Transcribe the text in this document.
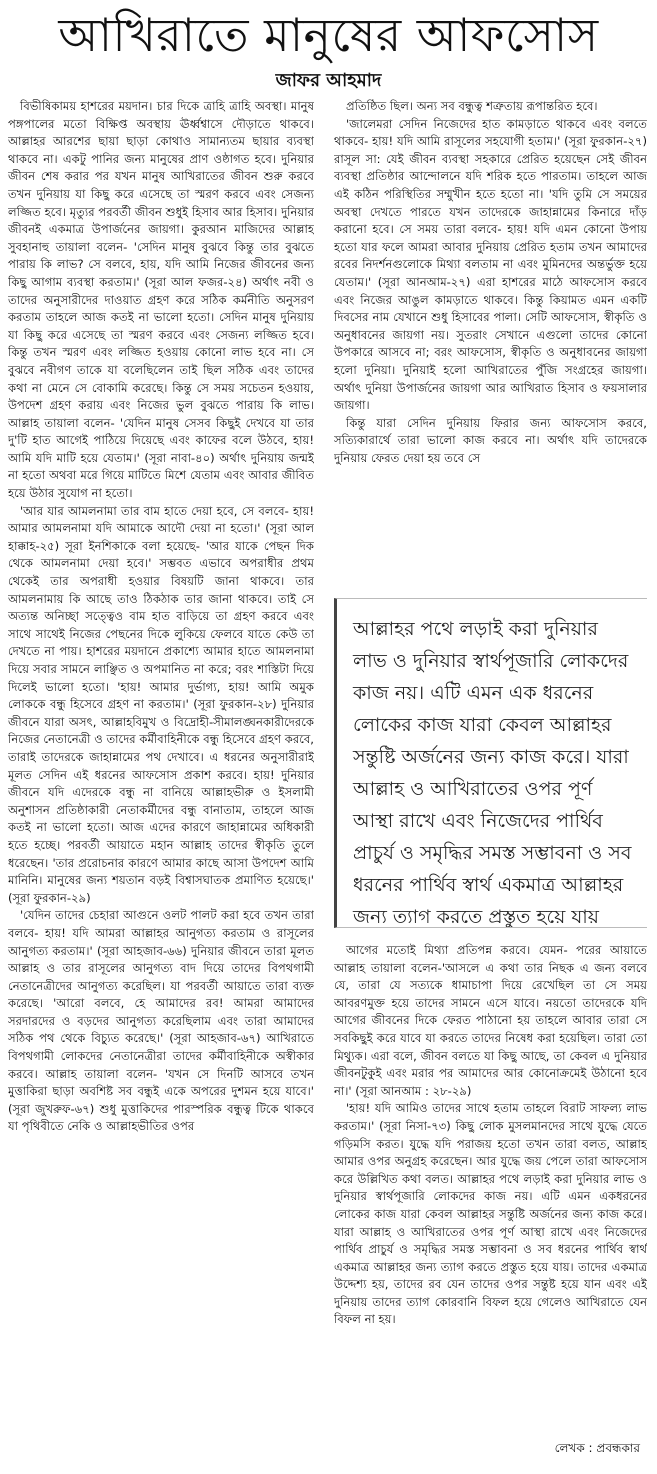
আখিরাতে মানুষের আফসোস
জাফর আহমাদ

বিভীষিকাময় হাশরের ময়দান। চার দিকে ত্রাহি ত্রাহি অবস্থা। মানুষ পঙ্গপালের মতো বিক্ষিপ্ত অবস্থায় ঊর্ধ্বশ্বাসে দৌড়াতে থাকবে। আল্লাহর আরশের ছায়া ছাড়া কোথাও সামান্যতম ছায়ার ব্যবস্থা থাকবে না। একটু পানির জন্য মানুষের প্রাণ ওষ্ঠাগত হবে। দুনিয়ার জীবন শেষ করার পর যখন মানুষ আখিরাতের জীবন শুরু করবে তখন দুনিয়ায় যা কিছু করে এসেছে তা স্মরণ করবে এবং সেজন্য লজ্জিত হবে। মৃত্যুর পরবর্তী জীবন শুধুই হিসাব আর হিসাব। দুনিয়ার জীবনই একমাত্র উপার্জনের জায়গা। কুরআন মাজিদের আল্লাহ সুবহানাহু তায়ালা বলেন- 'সেদিন মানুষ বুঝবে কিন্তু তার বুঝতে পারায় কি লাভ? সে বলবে, হায়, যদি আমি নিজের জীবনের জন্য কিছু আগাম ব্যবস্থা করতাম।' (সূরা আল ফজর-২৪) অর্থাৎ নবী ও তাদের অনুসারীদের দাওয়াত গ্রহণ করে সঠিক কর্মনীতি অনুসরণ করতাম তাহলে আজ কতই না ভালো হতো। সেদিন মানুষ দুনিয়ায় যা কিছু করে এসেছে তা স্মরণ করবে এবং সেজন্য লজ্জিত হবে। কিন্তু তখন স্মরণ এবং লজ্জিত হওয়ায় কোনো লাভ হবে না। সে বুঝবে নবীগণ তাকে যা বলেছিলেন তাই ছিল সঠিক এবং তাদের কথা না মেনে সে বোকামি করেছে। কিন্তু সে সময় সচেতন হওয়ায়, উপদেশ গ্রহণ করায় এবং নিজের ভুল বুঝতে পারায় কি লাভ। আল্লাহ তায়ালা বলেন- 'যেদিন মানুষ সেসব কিছুই দেখবে যা তার দু'টি হাত আগেই পাঠিয়ে দিয়েছে এবং কাফের বলে উঠবে, হায়! আমি যদি মাটি হয়ে যেতাম।' (সূরা নাবা-৪০) অর্থাৎ দুনিয়ায় জন্মই না হতো অথবা মরে গিয়ে মাটিতে মিশে যেতাম এবং আবার জীবিত হয়ে উঠার সুযোগ না হতো।

'আর যার আমলনামা তার বাম হাতে দেয়া হবে, সে বলবে- হায়! আমার আমলনামা যদি আমাকে আদৌ দেয়া না হতো।' (সূরা আল হাক্কাহ-২৫) সূরা ইনশিকাকে বলা হয়েছে- 'আর যাকে পেছন দিক থেকে আমলনামা দেয়া হবে।' সম্ভবত এভাবে অপরাধীর প্রথম থেকেই তার অপরাধী হওয়ার বিষয়টি জানা থাকবে। তার আমলনামায় কি আছে তাও ঠিকঠাক তার জানা থাকবে। তাই সে অত্যন্ত অনিচ্ছা সত্ত্বেও বাম হাত বাড়িয়ে তা গ্রহণ করবে এবং সাথে সাথেই নিজের পেছনের দিকে লুকিয়ে ফেলবে যাতে কেউ তা দেখতে না পায়। হাশরের ময়দানে প্রকাশ্যে আমার হাতে আমলনামা দিয়ে সবার সামনে লাঞ্ছিত ও অপমানিত না করে; বরং শাস্তিটা দিয়ে দিলেই ভালো হতো। 'হায়! আমার দুর্ভাগ্য, হায়! আমি অমুক লোককে বন্ধু হিসেবে গ্রহণ না করতাম।' (সূরা ফুরকান-২৮) দুনিয়ার জীবনে যারা অসৎ, আল্লাহবিমুখ ও বিদ্রোহী-সীমালঙ্ঘনকারীদেরকে নিজের নেতানেত্রী ও তাদের কর্মীবাহিনীকে বন্ধু হিসেবে গ্রহণ করবে, তারাই তাদেরকে জাহান্নামের পথ দেখাবে। এ ধরনের অনুসারীরাই মূলত সেদিন এই ধরনের আফসোস প্রকাশ করবে। হায়! দুনিয়ার জীবনে যদি এদেরকে বন্ধু না বানিয়ে আল্লাহভীরু ও ইসলামী অনুশাসন প্রতিষ্ঠাকারী নেতাকর্মীদের বন্ধু বানাতাম, তাহলে আজ কতই না ভালো হতো। আজ এদের কারণে জাহান্নামের অধিকারী হতে হচ্ছে। পরবর্তী আয়াতে মহান আল্লাহ তাদের স্বীকৃতি তুলে ধরেছেন। 'তার প্ররোচনার কারণে আমার কাছে আসা উপদেশ আমি মানিনি। মানুষের জন্য শয়তান বড়ই বিশ্বাসঘাতক প্রমাণিত হয়েছে।' (সূরা ফুরকান-২৯)

'যেদিন তাদের চেহারা আগুনে ওলট পালট করা হবে তখন তারা বলবে- হায়! যদি আমরা আল্লাহর আনুগত্য করতাম ও রাসূলের আনুগত্য করতাম।' (সূরা আহজাব-৬৬) দুনিয়ার জীবনে তারা মূলত আল্লাহ ও তার রাসূলের আনুগত্য বাদ দিয়ে তাদের বিপথগামী নেতানেত্রীদের আনুগত্য করেছিল। যা পরবর্তী আয়াতে তারা ব্যক্ত করেছে। 'আরো বলবে, হে আমাদের রব! আমরা আমাদের সরদারদের ও বড়দের আনুগত্য করেছিলাম এবং তারা আমাদের সঠিক পথ থেকে বিচ্যুত করেছে।' (সূরা আহজাব-৬৭) আখিরাতে বিপথগামী লোকদের নেতানেত্রীরা তাদের কর্মীবাহিনীকে অস্বীকার করবে। আল্লাহ তায়ালা বলেন- 'যখন সে দিনটি আসবে তখন মুত্তাকিরা ছাড়া অবশিষ্ট সব বন্ধুই একে অপরের দুশমন হয়ে যাবে।' (সূরা জুখরুফ-৬৭) শুধু মুত্তাকিদের পারস্পরিক বন্ধুত্ব টিকে থাকবে যা পৃথিবীতে নেকি ও আল্লাহভীতির ওপর

প্রতিষ্ঠিত ছিল। অন্য সব বন্ধুত্ব শত্রুতায় রূপান্তরিত হবে।

'জালেমরা সেদিন নিজেদের হাত কামড়াতে থাকবে এবং বলতে থাকবে- হায়! যদি আমি রাসূলের সহযোগী হতাম।' (সূরা ফুরকান-২৭) রাসূল সা: যেই জীবন ব্যবস্থা সহকারে প্রেরিত হয়েছেন সেই জীবন ব্যবস্থা প্রতিষ্ঠার আন্দোলনে যদি শরিক হতে পারতাম। তাহলে আজ এই কঠিন পরিস্থিতির সম্মুখীন হতে হতো না। 'যদি তুমি সে সময়ের অবস্থা দেখতে পারতে যখন তাদেরকে জাহান্নামের কিনারে দাঁড় করানো হবে। সে সময় তারা বলবে- হায়! যদি এমন কোনো উপায় হতো যার ফলে আমরা আবার দুনিয়ায় প্রেরিত হতাম তখন আমাদের রবের নিদর্শনগুলোকে মিথ্যা বলতাম না এবং মুমিনদের অন্তর্ভুক্ত হয়ে যেতাম।' (সূরা আনআম-২৭) এরা হাশরের মাঠে আফসোস করবে এবং নিজের আঙুল কামড়াতে থাকবে। কিন্তু কিয়ামত এমন একটি দিবসের নাম যেখানে শুধু হিসাবের পালা। সেটি আফসোস, স্বীকৃতি ও অনুধাবনের জায়গা নয়। সুতরাং সেখানে এগুলো তাদের কোনো উপকারে আসবে না; বরং আফসোস, স্বীকৃতি ও অনুধাবনের জায়গা হলো দুনিয়া। দুনিয়াই হলো আখিরাতের পুঁজি সংগ্রহের জায়গা। অর্থাৎ দুনিয়া উপার্জনের জায়গা আর আখিরাত হিসাব ও ফয়সালার জায়গা।

কিন্তু যারা সেদিন দুনিয়ায় ফিরার জন্য আফসোস করবে, সত্যিকারার্থে তারা ভালো কাজ করবে না। অর্থাৎ যদি তাদেরকে দুনিয়ায় ফেরত দেয়া হয় তবে সে

আল্লাহর পথে লড়াই করা দুনিয়ার লাভ ও দুনিয়ার স্বার্থপূজারি লোকদের কাজ নয়। এটি এমন এক ধরনের লোকের কাজ যারা কেবল আল্লাহর সন্তুষ্টি অর্জনের জন্য কাজ করে। যারা আল্লাহ ও আখিরাতের ওপর পূর্ণ আস্থা রাখে এবং নিজেদের পার্থিব প্রাচুর্য ও সমৃদ্ধির সমস্ত সম্ভাবনা ও সব ধরনের পার্থিব স্বার্থ একমাত্র আল্লাহর জন্য ত্যাগ করতে প্রস্তুত হয়ে যায়

আগের মতোই মিথ্যা প্রতিপন্ন করবে। যেমন- পরের আয়াতে আল্লাহ তায়ালা বলেন-'আসলে এ কথা তার নিছক এ জন্য বলবে যে, তারা যে সত্যকে ধামাচাপা দিয়ে রেখেছিল তা সে সময় আবরণমুক্ত হয়ে তাদের সামনে এসে যাবে। নয়তো তাদেরকে যদি আগের জীবনের দিকে ফেরত পাঠানো হয় তাহলে আবার তারা সে সবকিছুই করে যাবে যা করতে তাদের নিষেধ করা হয়েছিল। তারা তো মিথ্যুক। এরা বলে, জীবন বলতে যা কিছু আছে, তা কেবল এ দুনিয়ার জীবনটুকুই এবং মরার পর আমাদের আর কোনোক্রমেই উঠানো হবে না।' (সূরা আনআম : ২৮-২৯)

'হায়! যদি আমিও তাদের সাথে হতাম তাহলে বিরাট সাফল্য লাভ করতাম।' (সূরা নিসা-৭৩) কিছু লোক মুসলমানদের সাথে যুদ্ধে যেতে গড়িমসি করত। যুদ্ধে যদি পরাজয় হতো তখন তারা বলত, আল্লাহ আমার ওপর অনুগ্রহ করেছেন। আর যুদ্ধে জয় পেলে তারা আফসোস করে উল্লিখিত কথা বলত। আল্লাহর পথে লড়াই করা দুনিয়ার লাভ ও দুনিয়ার স্বার্থপূজারি লোকদের কাজ নয়। এটি এমন একধরনের লোকের কাজ যারা কেবল আল্লাহর সন্তুষ্টি অর্জনের জন্য কাজ করে। যারা আল্লাহ ও আখিরাতের ওপর পূর্ণ আস্থা রাখে এবং নিজেদের পার্থিব প্রাচুর্য ও সমৃদ্ধির সমস্ত সম্ভাবনা ও সব ধরনের পার্থিব স্বার্থ একমাত্র আল্লাহর জন্য ত্যাগ করতে প্রস্তুত হয়ে যায়। তাদের একমাত্র উদ্দেশ্য হয়, তাদের রব যেন তাদের ওপর সন্তুষ্ট হয়ে যান এবং এই দুনিয়ায় তাদের ত্যাগ কোরবানি বিফল হয়ে গেলেও আখিরাতে যেন বিফল না হয়।

লেখক : প্রবন্ধকার
